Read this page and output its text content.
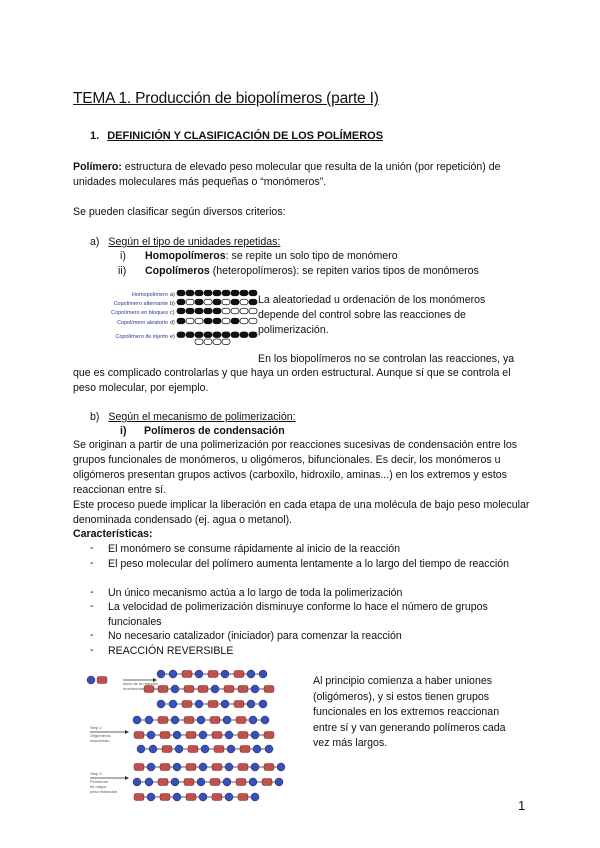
TEMA 1. Producción de biopolímeros (parte I)
1. DEFINICIÓN Y CLASIFICACIÓN DE LOS POLÍMEROS
Polímero: estructura de elevado peso molecular que resulta de la unión (por repetición) de unidades moleculares más pequeñas o “monómeros”.
Se pueden clasificar según diversos criterios:
a) Según el tipo de unidades repetidas:
i) Homopolímeros: se repite un solo tipo de monómero
ii) Copolímeros (heteropolímeros): se repiten varios tipos de monómeros
Homopolímero
Copolímero alternante
Copolímero en bloques
Copolímero aleatorio
Copolímero de injerto
a)
b)
c)
d)
e)
La aleatoriedad u ordenación de los monómeros depende del control sobre las reacciones de polimerización.
En los biopolímeros no se controlan las reacciones, ya
que es complicado controlarlas y que haya un orden estructural. Aunque sí que se controla el peso molecular, por ejemplo.
b) Según el mecanismo de polimerización:
i) Polímeros de condensación
Se originan a partir de una polimerización por reacciones sucesivas de condensación entre los grupos funcionales de monómeros, u oligómeros, bifuncionales. Es decir, los monómeros u oligómeros presentan grupos activos (carboxilo, hidroxilo, aminas...) en los extremos y estos reaccionan entre sí.
Este proceso puede implicar la liberación en cada etapa de una molécula de bajo peso molecular denominada condensado (ej. agua o metanol).
Características:
- El monómero se consume rápidamente al inicio de la reacción
- El peso molecular del polímero aumenta lentamente a lo largo del tiempo de reacción
- Un único mecanismo actúa a lo largo de toda la polimerización
- La velocidad de polimerización disminuye conforme lo hace el número de grupos funcionales
- No necesario catalizador (iniciador) para comenzar la reacción
- REACCIÓN REVERSIBLE
Inicio de la reacción
monómeros
Step 2
Oligómeros
reaccionan
Step 3
Polímeros
de mayor
peso molecular
Al principio comienza a haber uniones (oligómeros), y si estos tienen grupos funcionales en los extremos reaccionan entre sí y van generando polímeros cada vez más largos.
1
